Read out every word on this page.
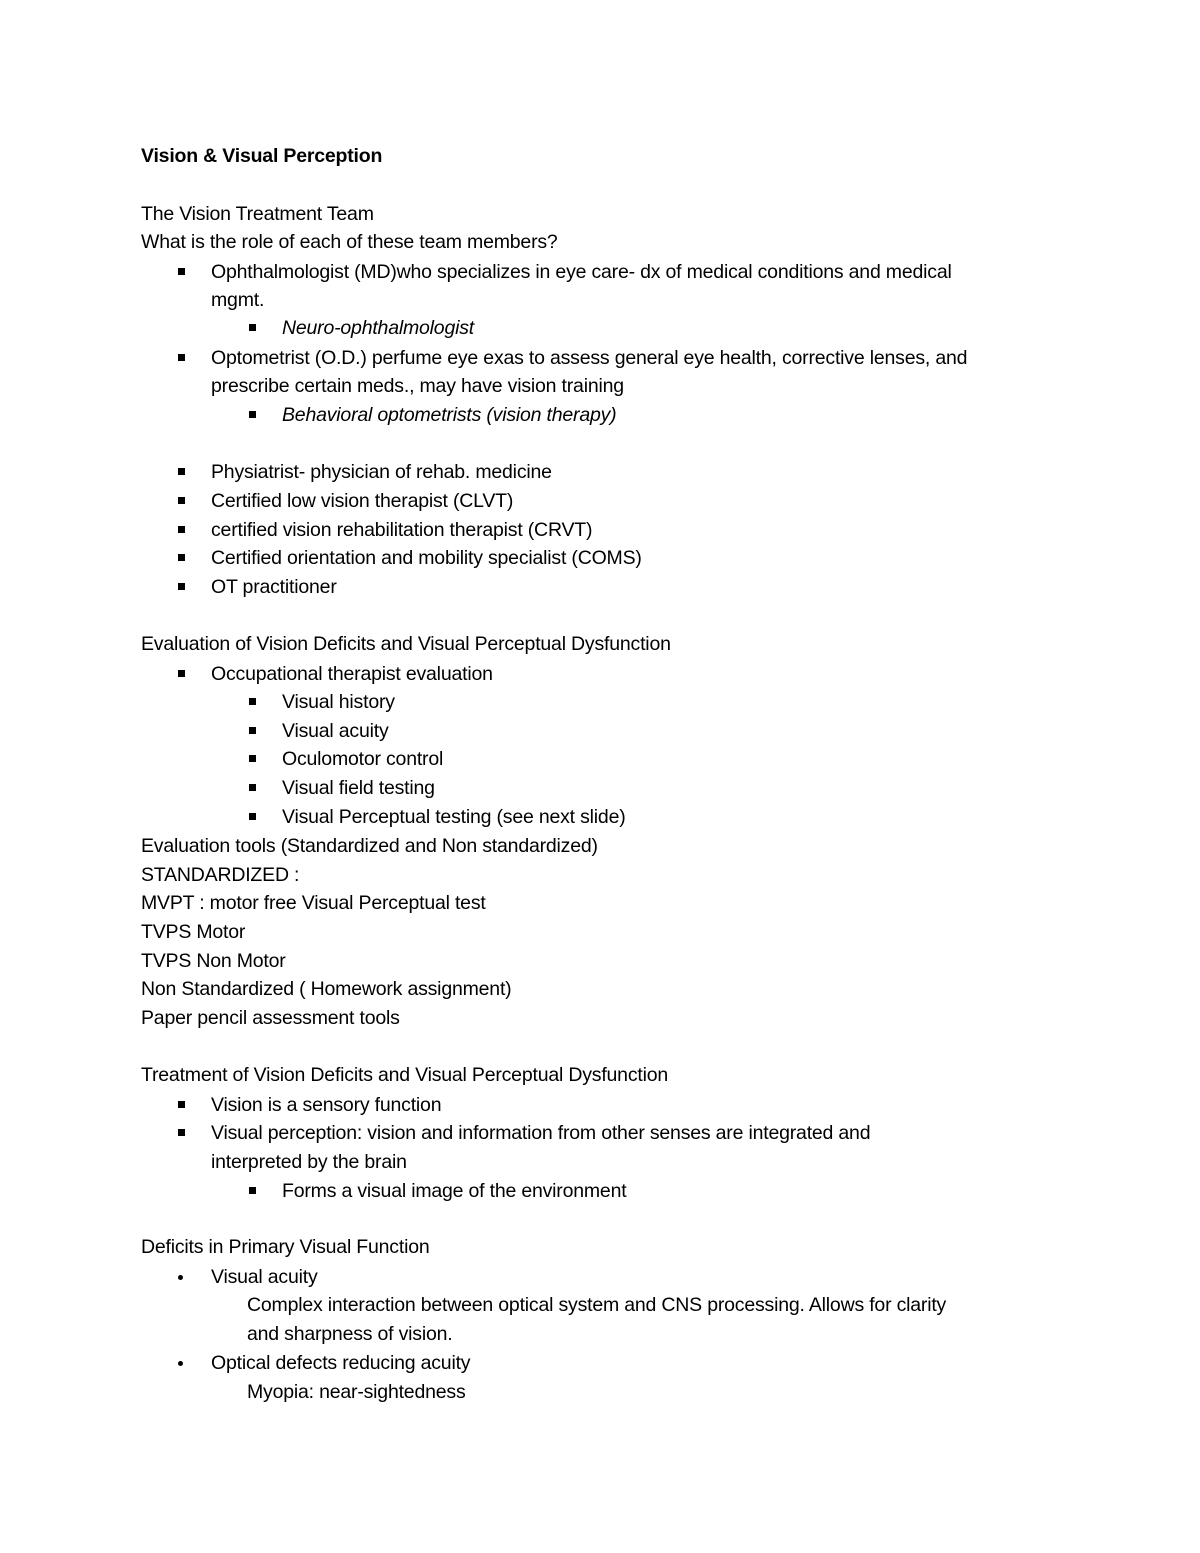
Vision & Visual Perception
The Vision Treatment Team
What is the role of each of these team members?
Ophthalmologist (MD)who specializes in eye care- dx of medical conditions and medical
mgmt.
Neuro-ophthalmologist
Optometrist (O.D.) perfume eye exas to assess general eye health, corrective lenses, and
prescribe certain meds., may have vision training
Behavioral optometrists (vision therapy)
Physiatrist- physician of rehab. medicine
Certified low vision therapist (CLVT)
certified vision rehabilitation therapist (CRVT)
Certified orientation and mobility specialist (COMS)
OT practitioner
Evaluation of Vision Deficits and Visual Perceptual Dysfunction
Occupational therapist evaluation
Visual history
Visual acuity
Oculomotor control
Visual field testing
Visual Perceptual testing (see next slide)
Evaluation tools (Standardized and Non standardized)
STANDARDIZED :
MVPT : motor free Visual Perceptual test
TVPS Motor
TVPS Non Motor
Non Standardized ( Homework assignment)
Paper pencil assessment tools
Treatment of Vision Deficits and Visual Perceptual Dysfunction
Vision is a sensory function
Visual perception: vision and information from other senses are integrated and
interpreted by the brain
Forms a visual image of the environment
Deficits in Primary Visual Function
Visual acuity
Complex interaction between optical system and CNS processing. Allows for clarity
and sharpness of vision.
Optical defects reducing acuity
Myopia: near-sightedness
